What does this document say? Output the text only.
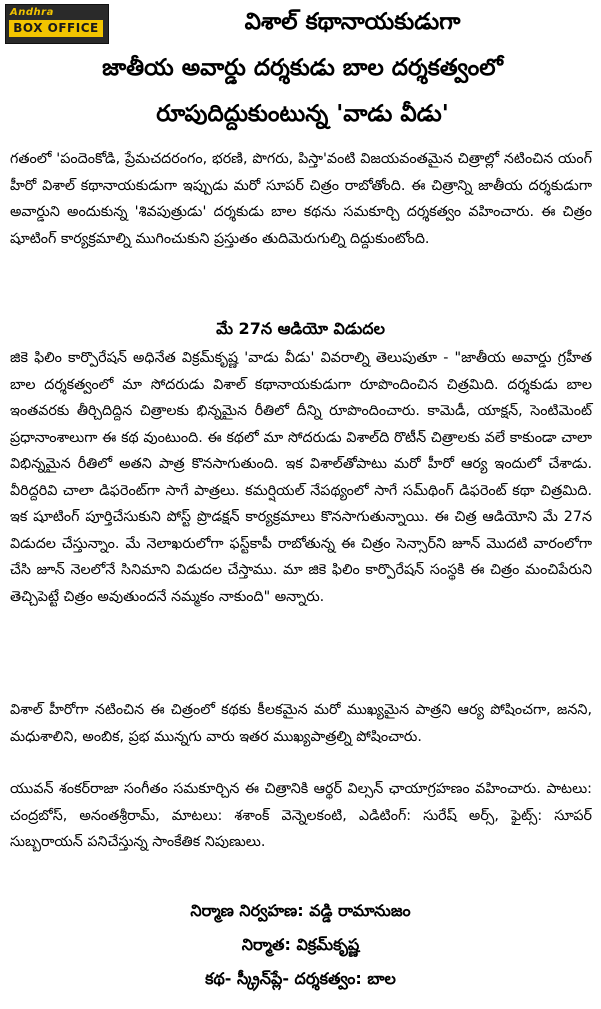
Andhra
BOX OFFICE	విశాల్ కథానాయకుడుగా
జాతీయ అవార్డు దర్శకుడు బాల దర్శకత్వంలో
రూపుదిద్దుకుంటున్న 'వాడు వీడు'
గతంలో 'పందెంకోడి, ప్రేమచదరంగం, భరణి, పొగరు, పిస్తా'వంటి విజయవంతమైన చిత్రాల్లో నటించిన యంగ్ హీరో విశాల్ కథానాయకుడుగా ఇప్పుడు మరో సూపర్ చిత్రం రాబోతోంది. ఈ చిత్రాన్ని జాతీయ దర్శకుడుగా అవార్డుని అందుకున్న 'శివపుత్రుడు' దర్శకుడు బాల కథను సమకూర్చి దర్శకత్వం వహించారు. ఈ చిత్రం షూటింగ్ కార్యక్రమాల్ని ముగించుకుని ప్రస్తుతం తుదిమెరుగుల్ని దిద్దుకుంటోంది.
మే 27న ఆడియో విడుదల
జికె ఫిలిం కార్పొరేషన్ అధినేత విక్రమ్‌కృష్ణ 'వాడు వీడు' వివరాల్ని తెలుపుతూ - "జాతీయ అవార్డు గ్రహీత బాల దర్శకత్వంలో మా సోదరుడు విశాల్ కథానాయకుడుగా రూపొందించిన చిత్రమిది. దర్శకుడు బాల ఇంతవరకు తీర్చిదిద్దిన చిత్రాలకు భిన్నమైన రీతిలో దీన్ని రూపొందించారు. కామెడీ, యాక్షన్, సెంటిమెంట్ ప్రధానాంశాలుగా ఈ కథ వుంటుంది. ఈ కథలో మా సోదరుడు విశాల్‌ది రొటీన్ చిత్రాలకు వలే కాకుండా చాలా విభిన్నమైన రీతిలో అతని పాత్ర కొనసాగుతుంది. ఇక విశాల్‌తోపాటు మరో హీరో ఆర్య ఇందులో చేశాడు. వీరిద్దరివి చాలా డిఫరెంట్‌గా సాగే పాత్రలు. కమర్షియల్ నేపథ్యంలో సాగే సమ్‌థింగ్ డిఫరెంట్ కథా చిత్రమిది. ఇక షూటింగ్ పూర్తిచేసుకుని పోస్ట్ ప్రొడక్షన్ కార్యక్రమాలు కొనసాగుతున్నాయి. ఈ చిత్ర ఆడియోని మే 27న విడుదల చేస్తున్నాం. మే నెలాఖరులోగా ఫస్ట్‌కాపీ రాబోతున్న ఈ చిత్రం సెన్సార్‌ని జూన్ మొదటి వారంలోగా చేసి జూన్ నెలలోనే సినిమాని విడుదల చేస్తాము. మా జికె ఫిలిం కార్పొరేషన్ సంస్థకి ఈ చిత్రం మంచిపేరుని తెచ్చిపెట్టే చిత్రం అవుతుందనే నమ్మకం నాకుంది" అన్నారు.
విశాల్ హీరోగా నటించిన ఈ చిత్రంలో కథకు కీలకమైన మరో ముఖ్యమైన పాత్రని ఆర్య పోషించగా, జనని, మధుశాలిని, అంబిక, ప్రభ మున్నగు వారు ఇతర ముఖ్యపాత్రల్ని పోషించారు.
యువన్ శంకర్‌రాజా సంగీతం సమకూర్చిన ఈ చిత్రానికి ఆర్థర్ విల్సన్ ఛాయాగ్రహణం వహించారు. పాటలు: చంద్రబోస్, అనంతశ్రీరామ్, మాటలు: శశాంక్ వెన్నెలకంటి, ఎడిటింగ్: సురేష్ అర్స్, ఫైట్స్: సూపర్ సుబ్బరాయన్ పనిచేస్తున్న సాంకేతిక నిపుణులు.
నిర్మాణ నిర్వహణ: వడ్డి రామానుజం
నిర్మాత: విక్రమ్‌కృష్ణ
కథ- స్క్రీన్‌ప్లే- దర్శకత్వం: బాల
